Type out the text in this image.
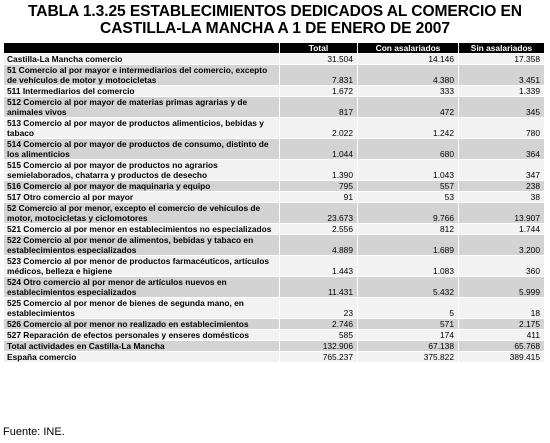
TABLA 1.3.25 ESTABLECIMIENTOS DEDICADOS AL COMERCIO EN
CASTILLA-LA MANCHA A 1 DE ENERO DE 2007
	Total	Con asalariados	Sin asalariados
Castilla-La Mancha comercio	31.504	14.146	17.358
51 Comercio al por mayor e intermediarios del comercio, excepto de vehículos de motor y motocicletas	7.831	4.380	3.451
511 Intermediarios del comercio	1.672	333	1.339
512 Comercio al por mayor de materias primas agrarias y de animales vivos	817	472	345
513 Comercio al por mayor de productos alimenticios, bebidas y tabaco	2.022	1.242	780
514 Comercio al por mayor de productos de consumo, distinto de los alimenticios	1.044	680	364
515 Comercio al por mayor de productos no agrarios semielaborados, chatarra y productos de desecho	1.390	1.043	347
516 Comercio al por mayor de maquinaria y equipo	795	557	238
517 Otro comercio al por mayor	91	53	38
52 Comercio al por menor, excepto el comercio de vehículos de motor, motocicletas y ciclomotores	23.673	9.766	13.907
521 Comercio al por menor en establecimientos no especializados	2.556	812	1.744
522 Comercio al por menor de alimentos, bebidas y tabaco en establecimientos especializados	4.889	1.689	3.200
523 Comercio al por menor de productos farmacéuticos, artículos médicos, belleza e higiene	1.443	1.083	360
524 Otro comercio al por menor de artículos nuevos en establecimientos especializados	11.431	5.432	5.999
525 Comercio al por menor de bienes de segunda mano, en establecimientos	23	5	18
526 Comercio al por menor no realizado en establecimientos	2.746	571	2.175
527 Reparación de efectos personales y enseres domésticos	585	174	411
Total actividades en Castilla-La Mancha	132.906	67.138	65.768
España comercio	765.237	375.822	389.415
Fuente: INE.
